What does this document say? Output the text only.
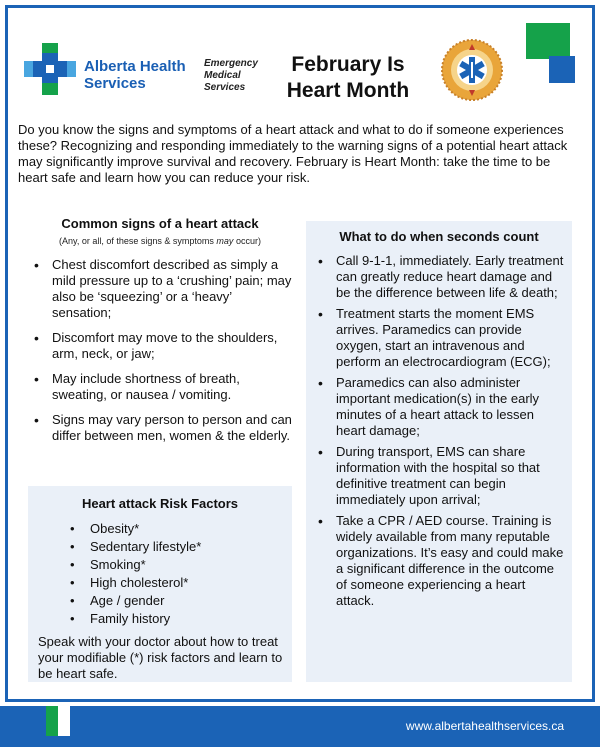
Alberta Health
Services
Emergency
Medical
Services
February Is
Heart Month
Do you know the signs and symptoms of a heart attack and what to do if someone experiences these? Recognizing and responding immediately to the warning signs of a potential heart attack may significantly improve survival and recovery. February is Heart Month: take the time to be heart safe and learn how you can reduce your risk.
Common signs of a heart attack
(Any, or all, of these signs & symptoms may occur)
• Chest discomfort described as simply a mild pressure up to a ‘crushing’ pain; may also be ‘squeezing’ or a ‘heavy’ sensation;
• Discomfort may move to the shoulders, arm, neck, or jaw;
• May include shortness of breath, sweating, or nausea / vomiting.
• Signs may vary person to person and can differ between men, women & the elderly.
Heart attack Risk Factors
• Obesity*
• Sedentary lifestyle*
• Smoking*
• High cholesterol*
• Age / gender
• Family history
Speak with your doctor about how to treat your modifiable (*) risk factors and learn to be heart safe.
What to do when seconds count
• Call 9-1-1, immediately. Early treatment can greatly reduce heart damage and be the difference between life & death;
• Treatment starts the moment EMS arrives. Paramedics can provide oxygen, start an intravenous and perform an electrocardiogram (ECG);
• Paramedics can also administer important medication(s) in the early minutes of a heart attack to lessen heart damage;
• During transport, EMS can share information with the hospital so that definitive treatment can begin immediately upon arrival;
• Take a CPR / AED course. Training is widely available from many reputable organizations. It’s easy and could make a significant difference in the outcome of someone experiencing a heart attack.
www.albertahealthservices.ca
